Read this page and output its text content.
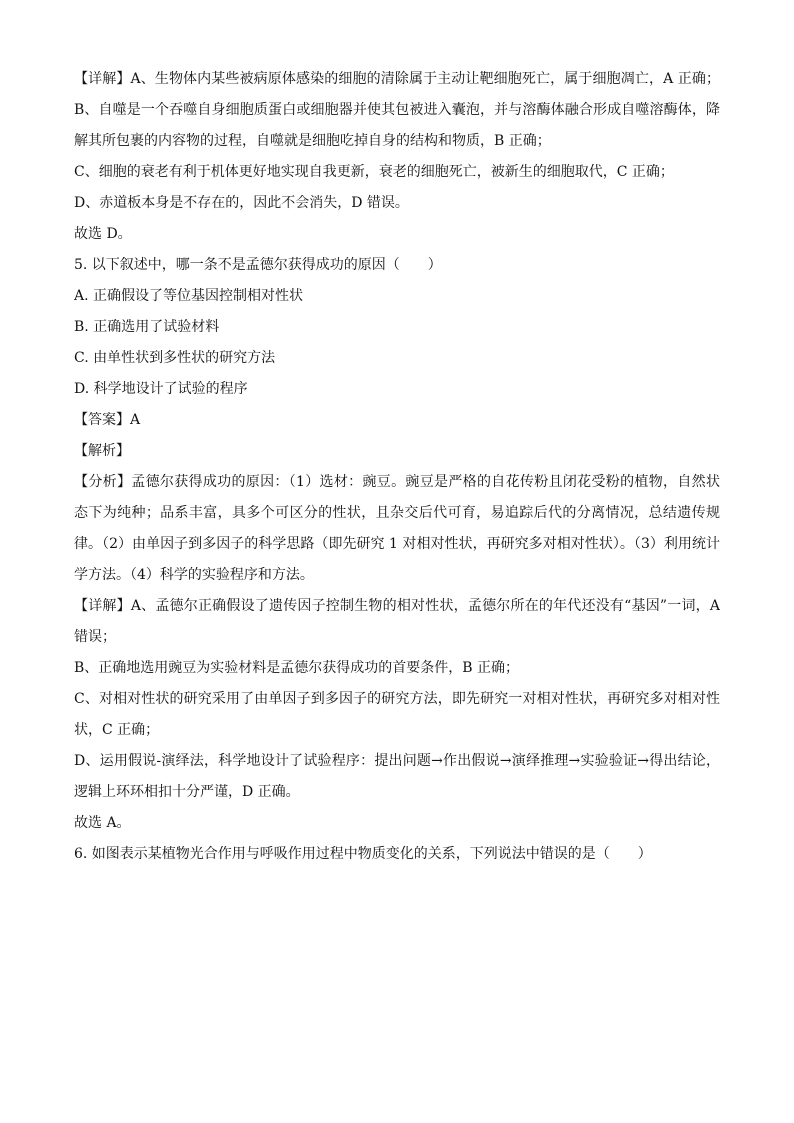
【详解】A、生物体内某些被病原体感染的细胞的清除属于主动让靶细胞死亡，属于细胞凋亡，A 正确；
B、自噬是一个吞噬自身细胞质蛋白或细胞器并使其包被进入囊泡，并与溶酶体融合形成自噬溶酶体，降
解其所包裹的内容物的过程，自噬就是细胞吃掉自身的结构和物质，B 正确；
C、细胞的衰老有利于机体更好地实现自我更新，衰老的细胞死亡，被新生的细胞取代，C 正确；
D、赤道板本身是不存在的，因此不会消失，D 错误。
故选 D。
5. 以下叙述中，哪一条不是孟德尔获得成功的原因（　　）
A. 正确假设了等位基因控制相对性状
B. 正确选用了试验材料
C. 由单性状到多性状的研究方法
D. 科学地设计了试验的程序
【答案】A
【解析】
【分析】孟德尔获得成功的原因：（1）选材：豌豆。豌豆是严格的自花传粉且闭花受粉的植物，自然状
态下为纯种；品系丰富，具多个可区分的性状，且杂交后代可育，易追踪后代的分离情况，总结遗传规
律。（2）由单因子到多因子的科学思路（即先研究 1 对相对性状，再研究多对相对性状）。（3）利用统计
学方法。（4）科学的实验程序和方法。
【详解】A、孟德尔正确假设了遗传因子控制生物的相对性状，孟德尔所在的年代还没有“基因”一词，A
错误；
B、正确地选用豌豆为实验材料是孟德尔获得成功的首要条件，B 正确；
C、对相对性状的研究采用了由单因子到多因子的研究方法，即先研究一对相对性状，再研究多对相对性
状，C 正确；
D、运用假说-演绎法，科学地设计了试验程序：提出问题→作出假说→演绎推理→实验验证→得出结论，
逻辑上环环相扣十分严谨，D 正确。
故选 A。
6. 如图表示某植物光合作用与呼吸作用过程中物质变化的关系，下列说法中错误的是（　　）
